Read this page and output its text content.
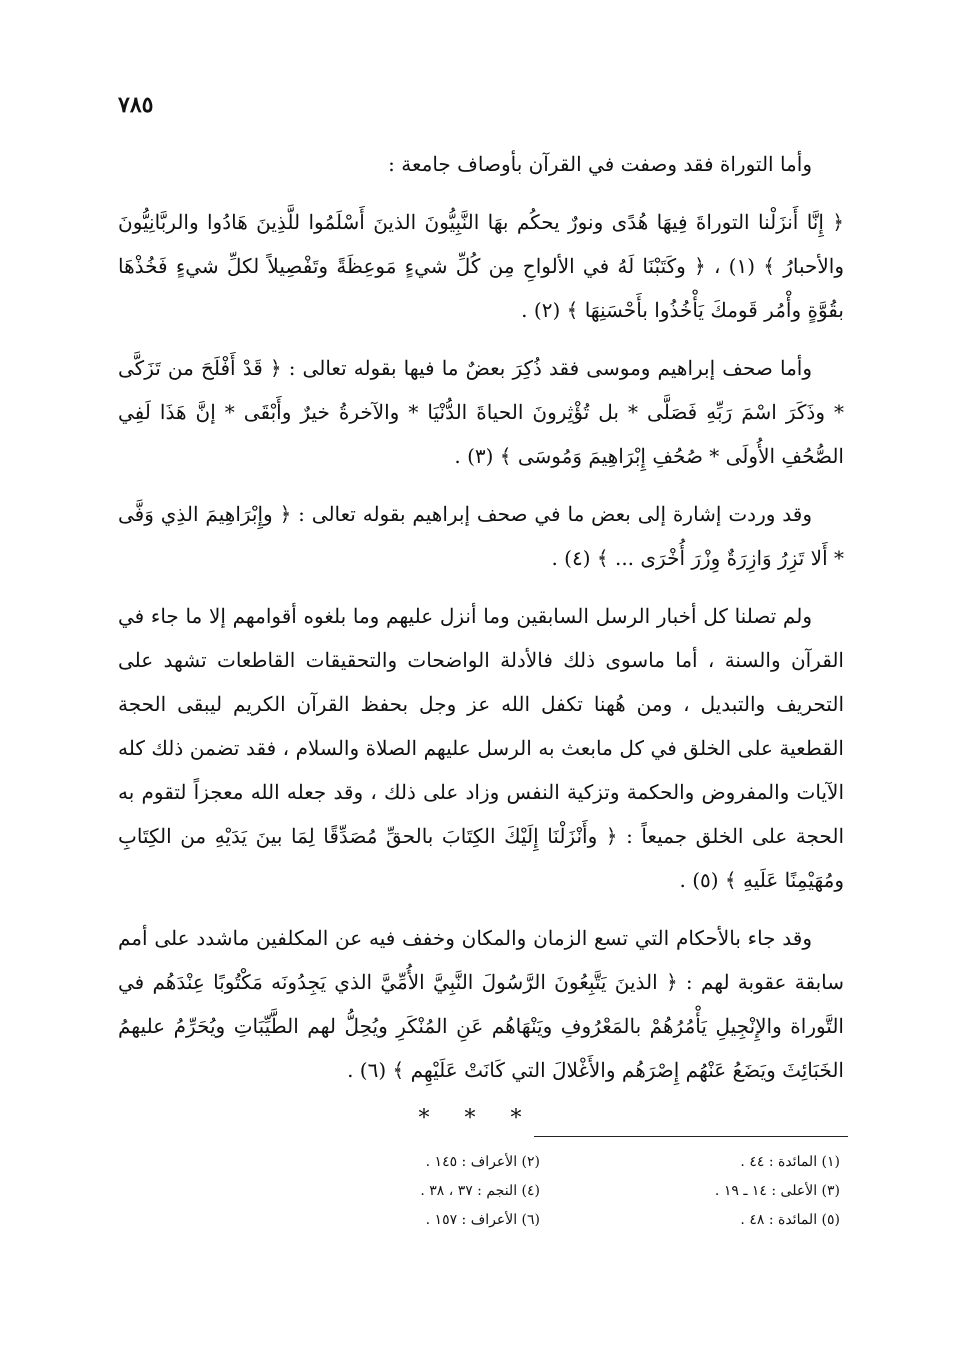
٧٨٥

وأما التوراة فقد وصفت في القرآن بأوصاف جامعة :

﴿ إِنَّا أَنزَلْنا التوراةَ فِيهَا هُدًى ونورٌ يحكُم بهَا النَّبِيُّونَ الذينَ أَسْلَمُوا للَّذِينَ هَادُوا والربَّانِيُّونَ والأحبارُ ﴾ (١) ، ﴿ وكَتَبْنَا لَهُ في الألواحِ مِن كُلِّ شيءٍ مَوعِظَةً وتَفْصِيلاً لكلِّ شيءٍ فَخُذْهَا بقُوَّةٍ وأْمُر قَومكَ يَأْخُذُوا بأَحْسَنِهَا ﴾ (٢) .

وأما صحف إبراهيم وموسى فقد ذُكِرَ بعضٌ ما فيها بقوله تعالى : ﴿ قَدْ أَفْلَحَ من تَزَكَّى * وذَكَرَ اسْمَ رَبِّهِ فَصَلَّى * بل تُؤْثِرونَ الحياةَ الدُّنْيَا * والآخرةُ خيرٌ وأَبْقَى * إنَّ هَذَا لَفِي الصُّحُفِ الأُولَى * صُحُفِ إِبْرَاهِيمَ وَمُوسَى ﴾ (٣) .

وقد وردت إشارة إلى بعض ما في صحف إبراهيم بقوله تعالى : ﴿ وإِبْرَاهِيمَ الذِي وَفَّى * أَلا تَزِرُ وَازِرَةٌ وِزْرَ أُخْرَى ... ﴾ (٤) .

ولم تصلنا كل أخبار الرسل السابقين وما أنزل عليهم وما بلغوه أقوامهم إلا ما جاء في القرآن والسنة ، أما ماسوى ذلك فالأدلة الواضحات والتحقيقات القاطعات تشهد على التحريف والتبديل ، ومن هُهنا تكفل الله عز وجل بحفظ القرآن الكريم ليبقى الحجة القطعية على الخلق في كل مابعث به الرسل عليهم الصلاة والسلام ، فقد تضمن ذلك كله الآيات والمفروض والحكمة وتزكية النفس وزاد على ذلك ، وقد جعله الله معجزاً لتقوم به الحجة على الخلق جميعاً : ﴿ وأَنْزَلْنَا إِلَيْكَ الكِتَابَ بالحقِّ مُصَدِّقًا لِمَا بينَ يَدَيْهِ من الكِتَابِ ومُهَيْمِنًا عَلَيهِ ﴾ (٥) .

وقد جاء بالأحكام التي تسع الزمان والمكان وخفف فيه عن المكلفين ماشدد على أمم سابقة عقوبة لهم : ﴿ الذينَ يَتَّبِعُونَ الرَّسُولَ النَّبِيَّ الأُمِّيَّ الذي يَجِدُونَه مَكْتُوبًا عِنْدَهُم في التَّوراة والإِنْجِيلِ يَأْمُرُهُمْ بالمَعْرُوفِ ويَنْهَاهُم عَنِ المُنْكَرِ ويُحِلُّ لهم الطَّيِّبَاتِ ويُحَرِّمُ عليهمُ الخَبَائِثَ ويَضَعُ عَنْهُم إِصْرَهُم والأَغْلالَ التي كَانَتْ عَلَيْهِم ﴾ (٦) .

* * *
(١) المائدة : ٤٤ .
(٢) الأعراف : ١٤٥ .
(٣) الأعلى : ١٤ ـ ١٩ .
(٤) النجم : ٣٧ ، ٣٨ .
(٥) المائدة : ٤٨ .
(٦) الأعراف : ١٥٧ .
